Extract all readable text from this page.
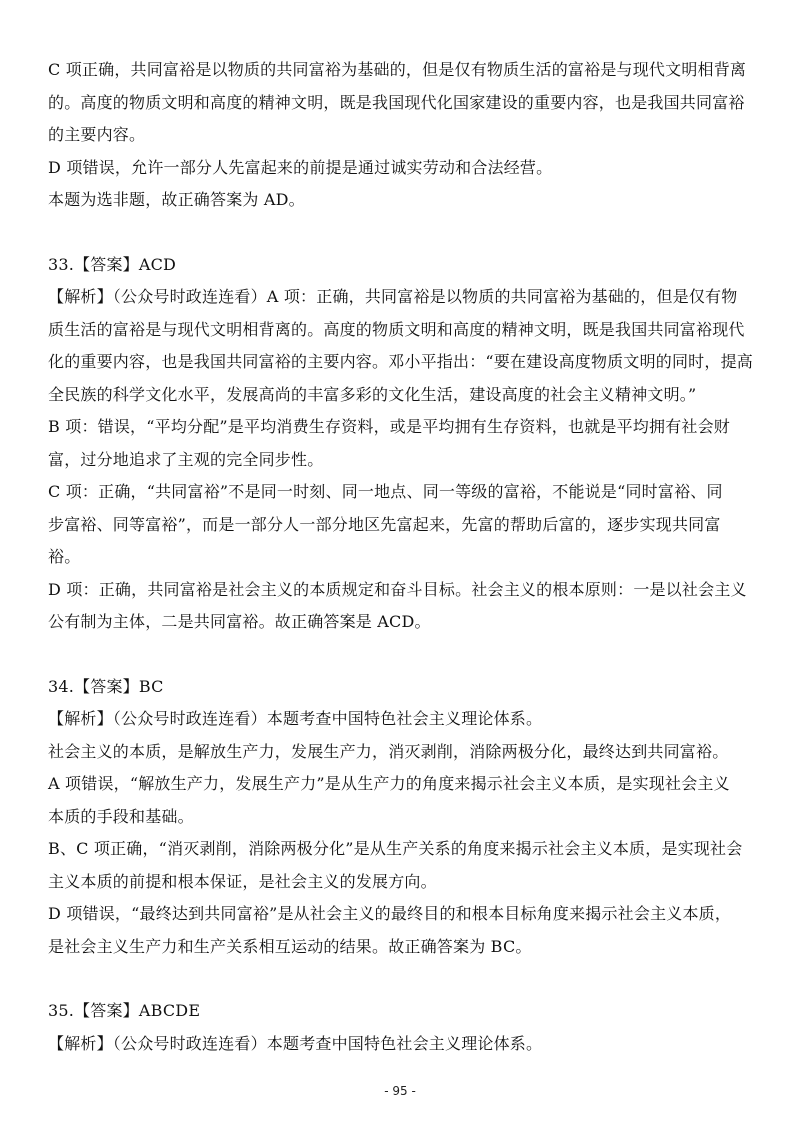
C 项正确，共同富裕是以物质的共同富裕为基础的，但是仅有物质生活的富裕是与现代文明相背离
的。高度的物质文明和高度的精神文明，既是我国现代化国家建设的重要内容，也是我国共同富裕
的主要内容。
D 项错误，允许一部分人先富起来的前提是通过诚实劳动和合法经营。
本题为选非题，故正确答案为 AD。
33.【答案】ACD
【解析】（公众号时政连连看）A 项：正确，共同富裕是以物质的共同富裕为基础的，但是仅有物
质生活的富裕是与现代文明相背离的。高度的物质文明和高度的精神文明，既是我国共同富裕现代
化的重要内容，也是我国共同富裕的主要内容。邓小平指出：“要在建设高度物质文明的同时，提高
全民族的科学文化水平，发展高尚的丰富多彩的文化生活，建设高度的社会主义精神文明。”
B 项：错误，“平均分配”是平均消费生存资料，或是平均拥有生存资料，也就是平均拥有社会财
富，过分地追求了主观的完全同步性。
C 项：正确，“共同富裕”不是同一时刻、同一地点、同一等级的富裕，不能说是“同时富裕、同
步富裕、同等富裕”，而是一部分人一部分地区先富起来，先富的帮助后富的，逐步实现共同富
裕。
D 项：正确，共同富裕是社会主义的本质规定和奋斗目标。社会主义的根本原则：一是以社会主义
公有制为主体，二是共同富裕。故正确答案是 ACD。
34.【答案】BC
【解析】（公众号时政连连看）本题考查中国特色社会主义理论体系。
社会主义的本质，是解放生产力，发展生产力，消灭剥削，消除两极分化，最终达到共同富裕。
A 项错误，“解放生产力，发展生产力”是从生产力的角度来揭示社会主义本质，是实现社会主义
本质的手段和基础。
B、C 项正确，“消灭剥削，消除两极分化”是从生产关系的角度来揭示社会主义本质，是实现社会
主义本质的前提和根本保证，是社会主义的发展方向。
D 项错误，“最终达到共同富裕”是从社会主义的最终目的和根本目标角度来揭示社会主义本质，
是社会主义生产力和生产关系相互运动的结果。故正确答案为 BC。
35.【答案】ABCDE
【解析】（公众号时政连连看）本题考查中国特色社会主义理论体系。
- 95 -
